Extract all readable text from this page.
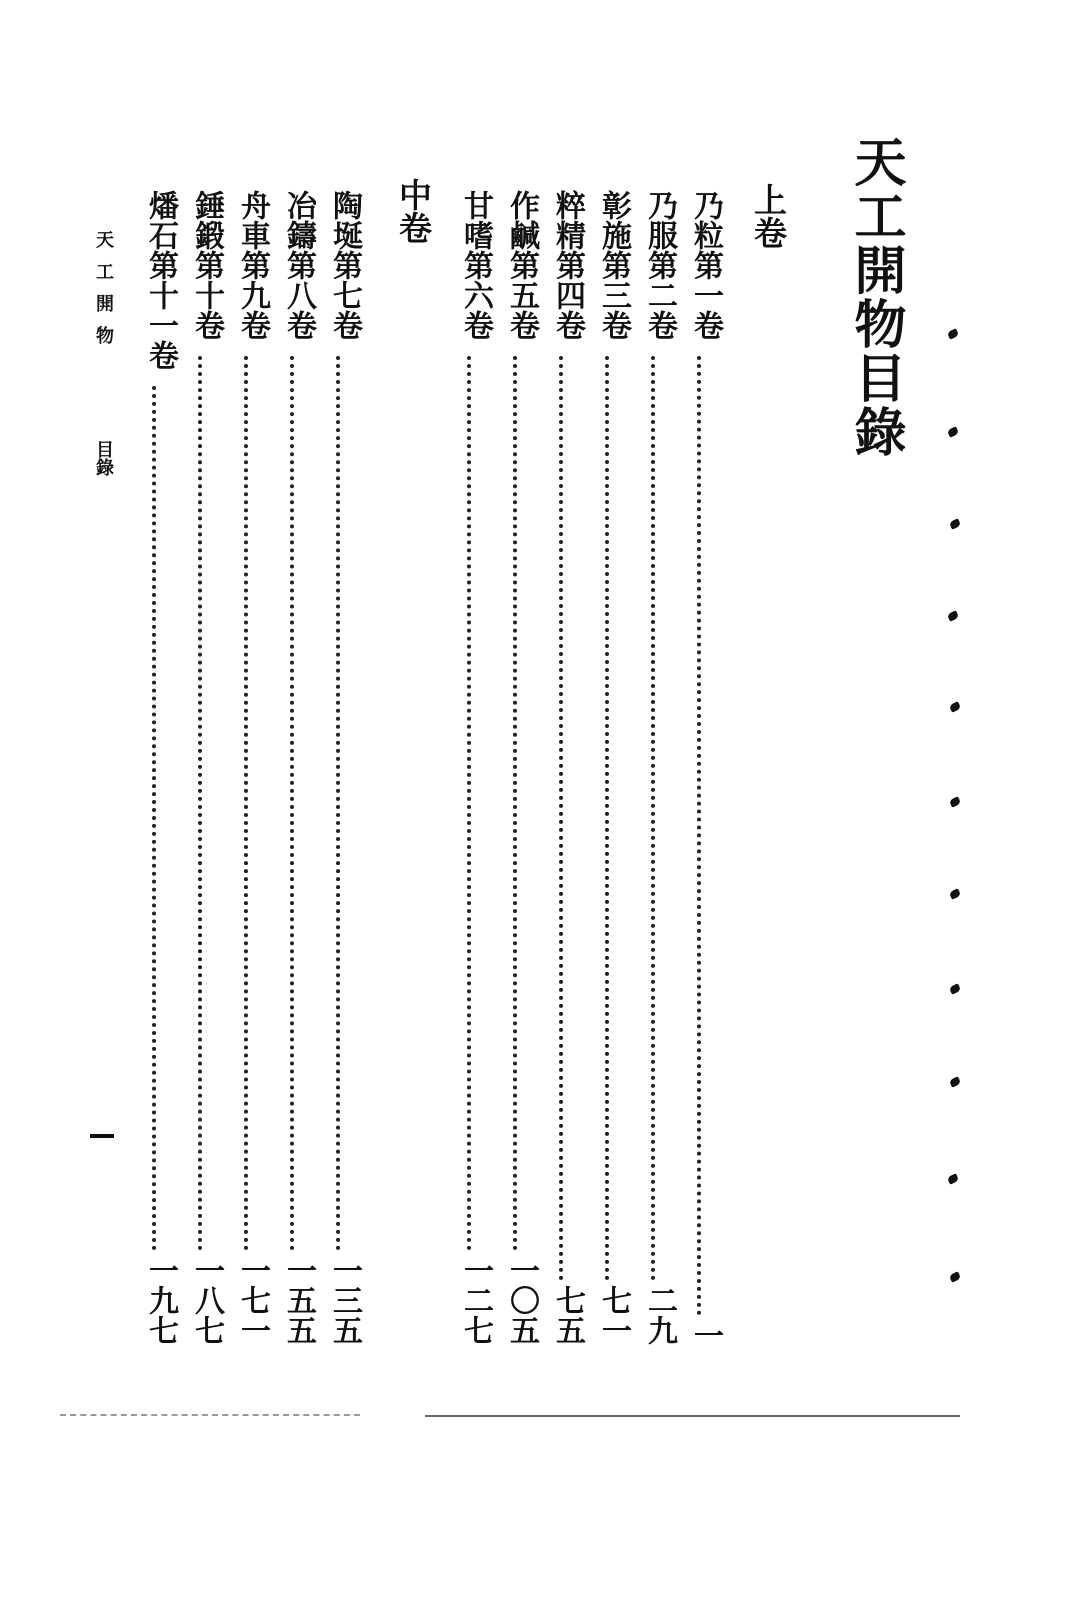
天工開物目錄
上卷
中卷	乃粒第一卷
一
乃服第二卷
二九
彰施第三卷
七一
粹精第四卷
七五
作鹹第五卷
一〇五
甘嗜第六卷
一二七
陶埏第七卷
一三五
冶鑄第八卷
一五五
舟車第九卷
一七一
錘鍛第十卷
一八七
燔石第十一卷
一九七
天工開物
目錄
